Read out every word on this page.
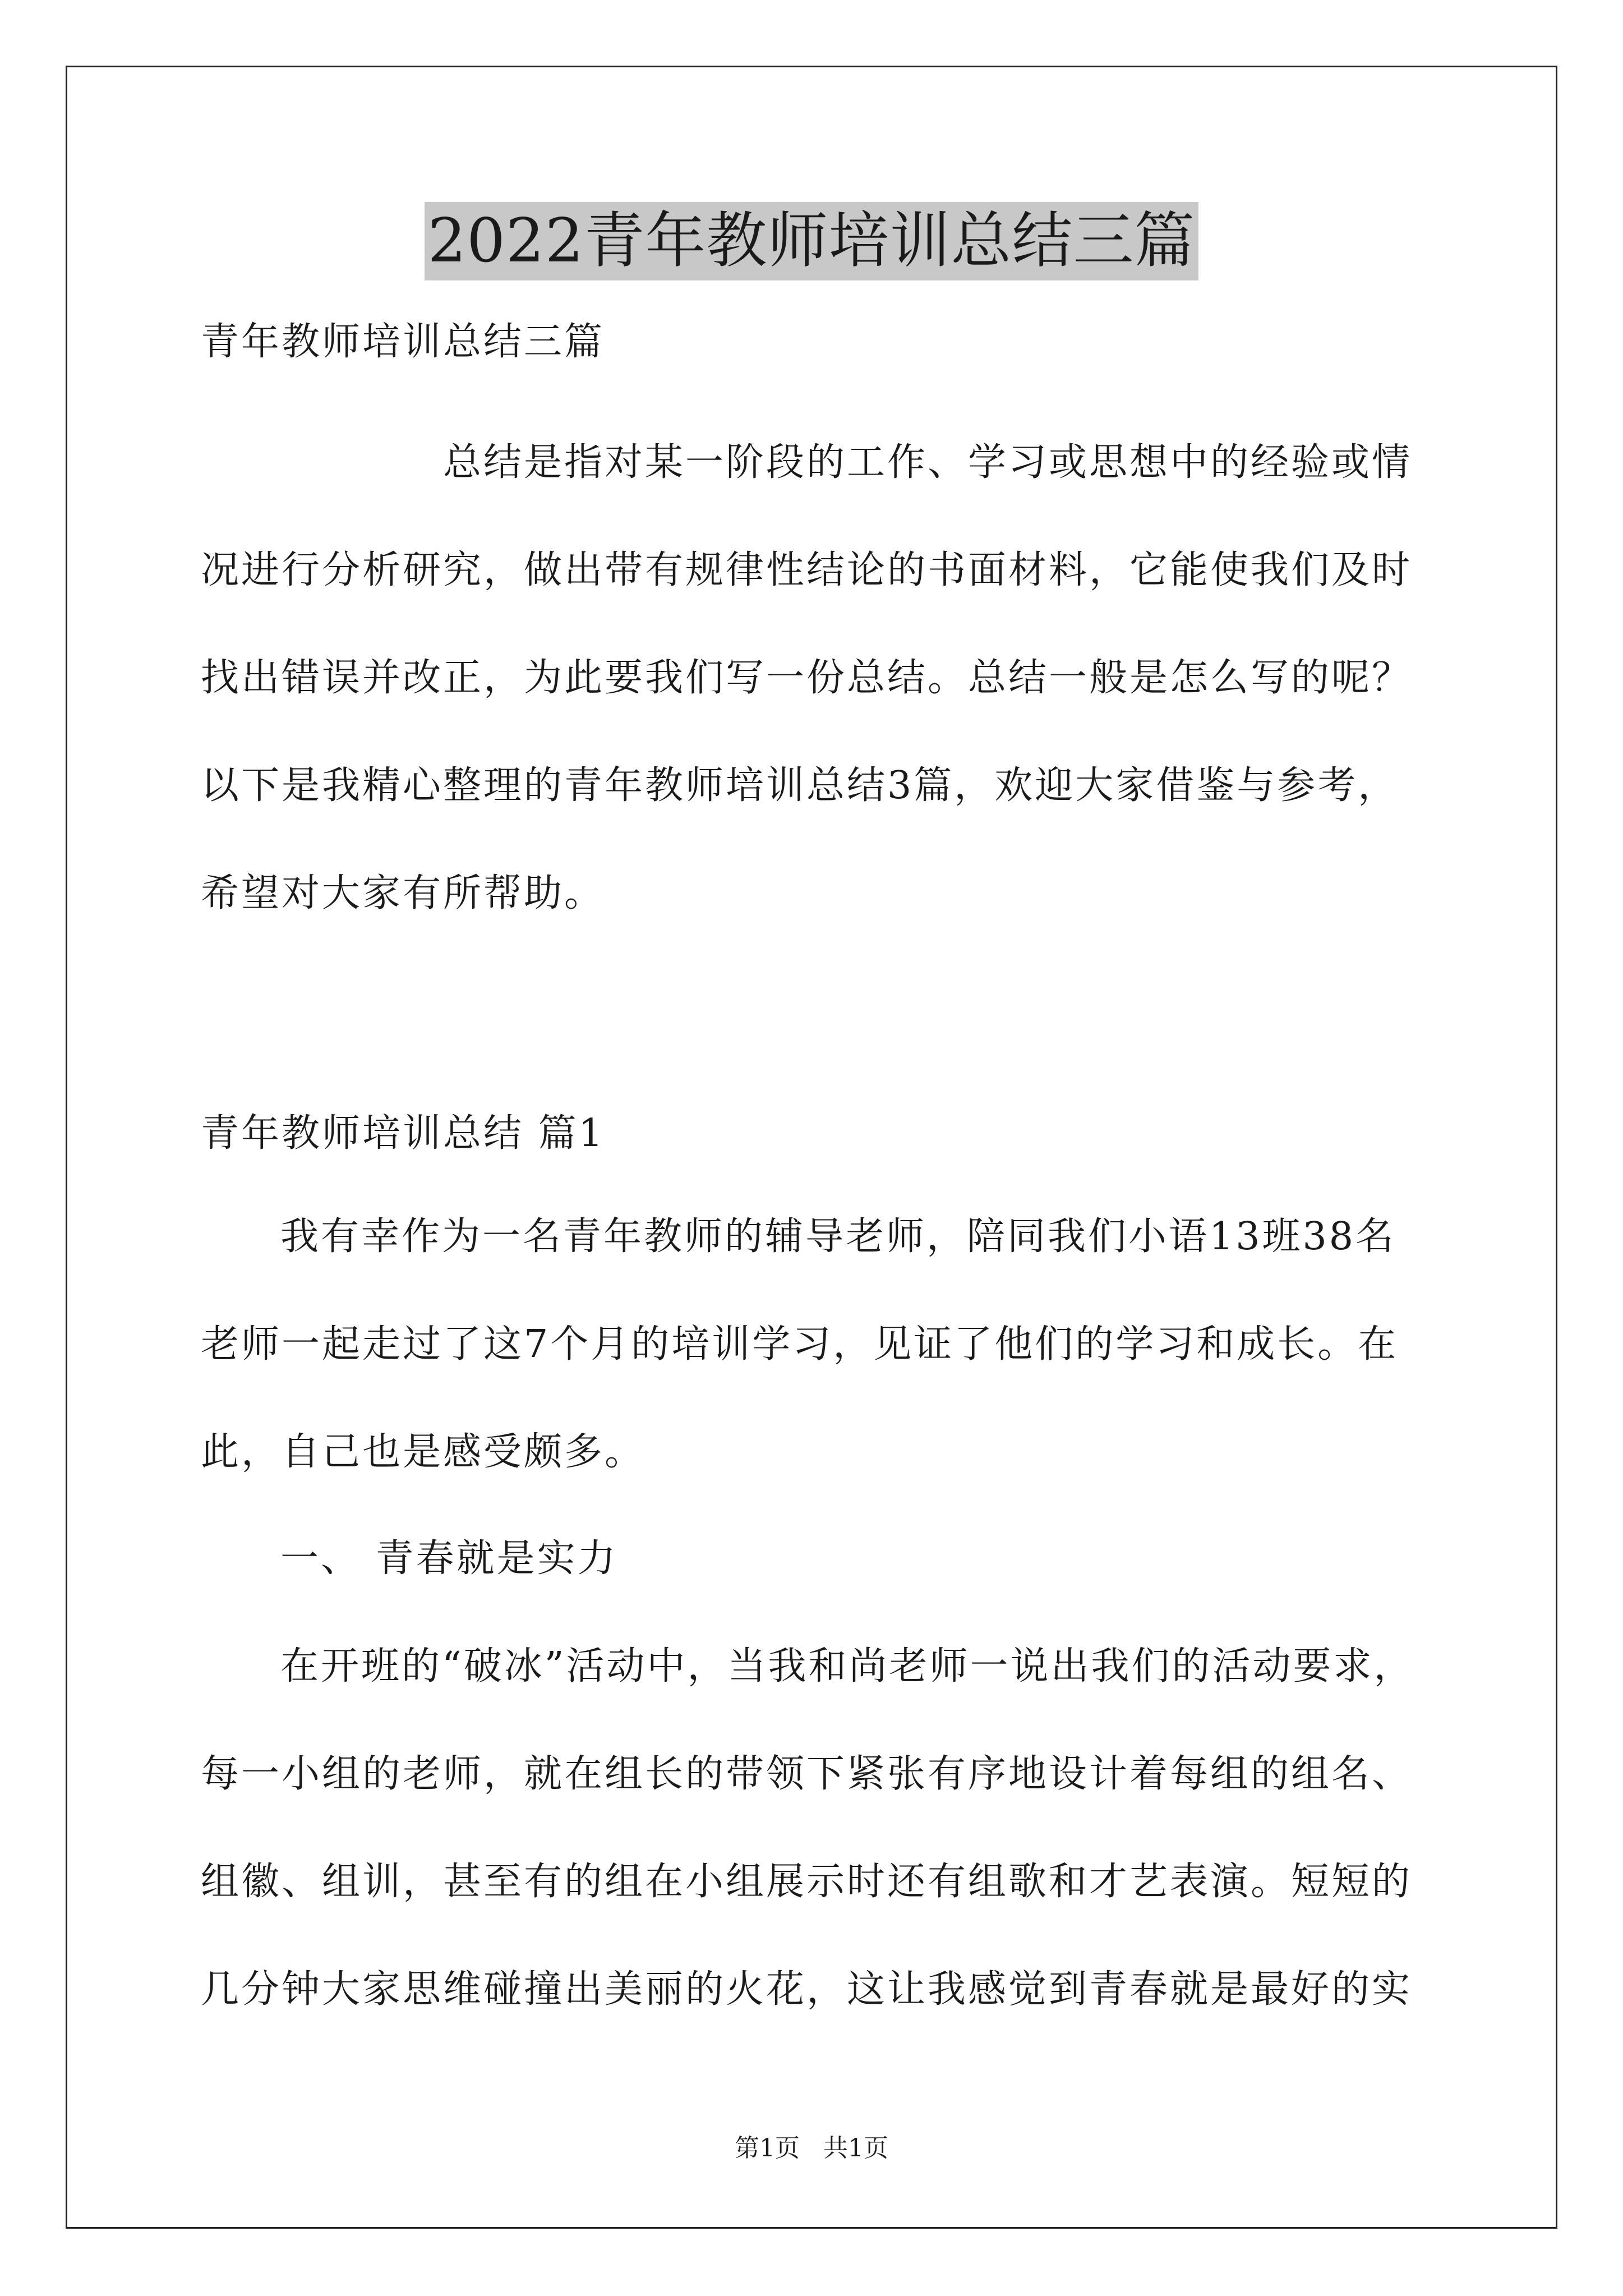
2022青年教师培训总结三篇
青年教师培训总结三篇
总结是指对某一阶段的工作、学习或思想中的经验或情
况进行分析研究，做出带有规律性结论的书面材料，它能使我们及时
找出错误并改正，为此要我们写一份总结。总结一般是怎么写的呢？
以下是我精心整理的青年教师培训总结3篇，欢迎大家借鉴与参考，
希望对大家有所帮助。
青年教师培训总结 篇1
我有幸作为一名青年教师的辅导老师，陪同我们小语13班38名
老师一起走过了这7个月的培训学习，见证了他们的学习和成长。在
此，自己也是感受颇多。
一、 青春就是实力
在开班的“破冰”活动中，当我和尚老师一说出我们的活动要求，
每一小组的老师，就在组长的带领下紧张有序地设计着每组的组名、
组徽、组训，甚至有的组在小组展示时还有组歌和才艺表演。短短的
几分钟大家思维碰撞出美丽的火花，这让我感觉到青春就是最好的实
第1页   共1页
